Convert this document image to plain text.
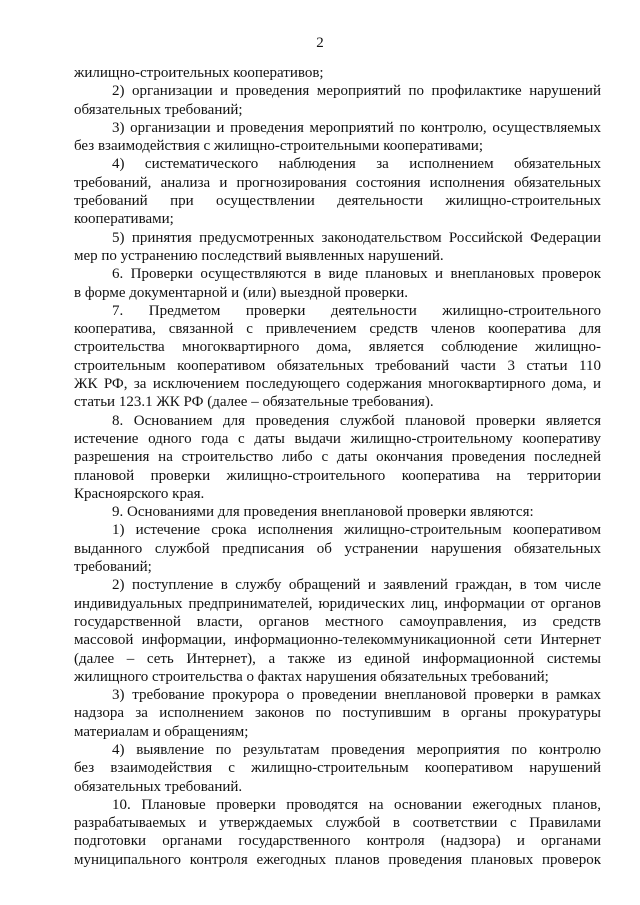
2
жилищно-строительных кооперативов;
2) организации и проведения мероприятий по профилактике нарушений
обязательных требований;
3) организации и проведения мероприятий по контролю, осуществляемых
без взаимодействия с жилищно-строительными кооперативами;
4) систематического наблюдения за исполнением обязательных
требований, анализа и прогнозирования состояния исполнения обязательных
требований при осуществлении деятельности жилищно-строительных
кооперативами;
5) принятия предусмотренных законодательством Российской Федерации
мер по устранению последствий выявленных нарушений.
6. Проверки осуществляются в виде плановых и внеплановых проверок
в форме документарной и (или) выездной проверки.
7. Предметом проверки деятельности жилищно-строительного
кооператива, связанной с привлечением средств членов кооператива для
строительства многоквартирного дома, является соблюдение жилищно-
строительным кооперативом обязательных требований части 3 статьи 110
ЖК РФ, за исключением последующего содержания многоквартирного дома, и
статьи 123.1 ЖК РФ (далее – обязательные требования).
8. Основанием для проведения службой плановой проверки является
истечение одного года с даты выдачи жилищно-строительному кооперативу
разрешения на строительство либо с даты окончания проведения последней
плановой проверки жилищно-строительного кооператива на территории
Красноярского края.
9. Основаниями для проведения внеплановой проверки являются:
1) истечение срока исполнения жилищно-строительным кооперативом
выданного службой предписания об устранении нарушения обязательных
требований;
2) поступление в службу обращений и заявлений граждан, в том числе
индивидуальных предпринимателей, юридических лиц, информации от органов
государственной власти, органов местного самоуправления, из средств
массовой информации, информационно-телекоммуникационной сети Интернет
(далее – сеть Интернет), а также из единой информационной системы
жилищного строительства о фактах нарушения обязательных требований;
3) требование прокурора о проведении внеплановой проверки в рамках
надзора за исполнением законов по поступившим в органы прокуратуры
материалам и обращениям;
4) выявление по результатам проведения мероприятия по контролю
без взаимодействия с жилищно-строительным кооперативом нарушений
обязательных требований.
10. Плановые проверки проводятся на основании ежегодных планов,
разрабатываемых и утверждаемых службой в соответствии с Правилами
подготовки органами государственного контроля (надзора) и органами
муниципального контроля ежегодных планов проведения плановых проверок
